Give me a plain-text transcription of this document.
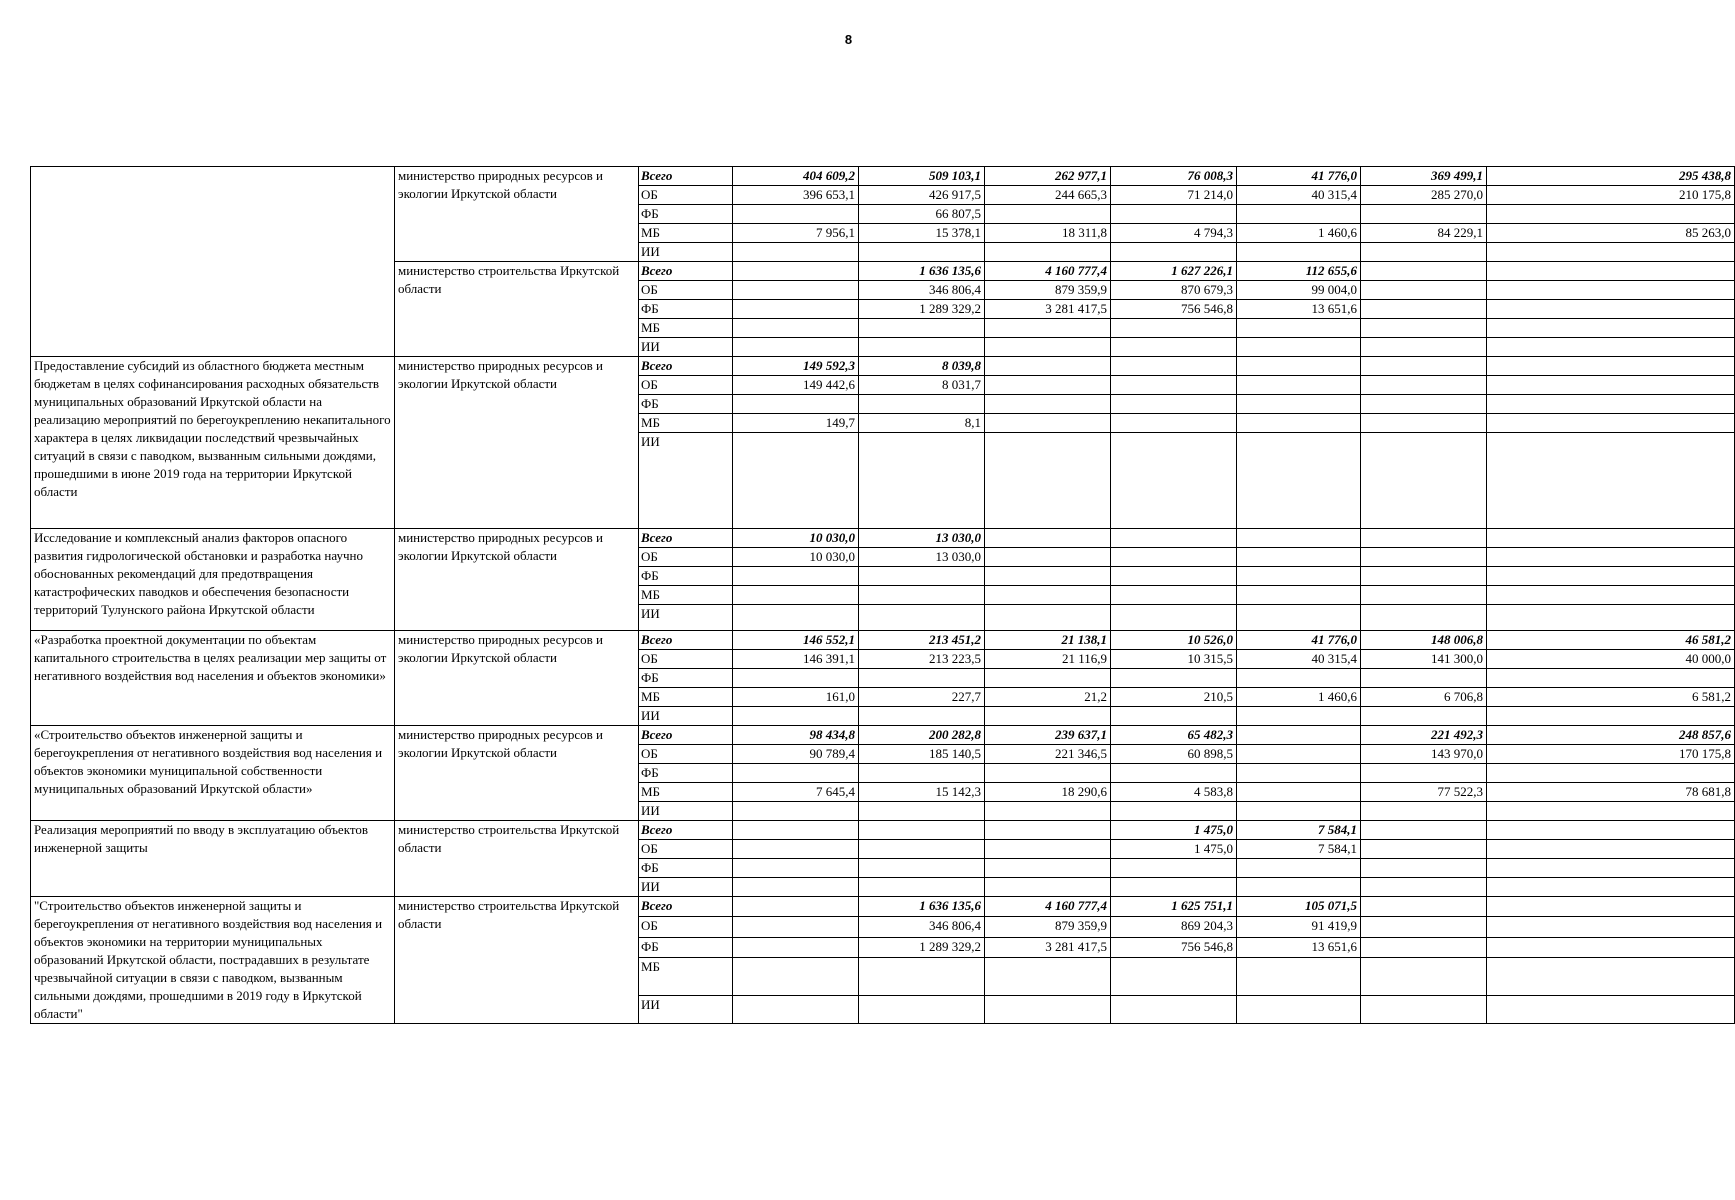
8
	министерство природных ресурсов и экологии Иркутской области	Всего	404 609,2	509 103,1	262 977,1	76 008,3	41 776,0	369 499,1	295 438,8
		ОБ	396 653,1	426 917,5	244 665,3	71 214,0	40 315,4	285 270,0	210 175,8
		ФБ		66 807,5					
		МБ	7 956,1	15 378,1	18 311,8	4 794,3	1 460,6	84 229,1	85 263,0
		ИИ							
	министерство строительства Иркутской области	Всего		1 636 135,6	4 160 777,4	1 627 226,1	112 655,6		
		ОБ		346 806,4	879 359,9	870 679,3	99 004,0		
		ФБ		1 289 329,2	3 281 417,5	756 546,8	13 651,6		
		МБ							
		ИИ							
Предоставление субсидий из областного бюджета местным бюджетам в целях софинансирования расходных обязательств муниципальных образований Иркутской области на реализацию мероприятий по берегоукреплению некапитального характера в целях ликвидации последствий чрезвычайных ситуаций в связи с паводком, вызванным сильными дождями, прошедшими в июне 2019 года на территории Иркутской области	министерство природных ресурсов и экологии Иркутской области	Всего	149 592,3	8 039,8					
		ОБ	149 442,6	8 031,7					
		ФБ							
		МБ	149,7	8,1					
		ИИ							
Исследование и комплексный анализ факторов опасного развития гидрологической обстановки и разработка научно обоснованных рекомендаций для предотвращения катастрофических паводков и обеспечения безопасности территорий Тулунского района Иркутской области	министерство природных ресурсов и экологии Иркутской области	Всего	10 030,0	13 030,0					
		ОБ	10 030,0	13 030,0					
		ФБ							
		МБ							
		ИИ							
«Разработка проектной документации по объектам капитального строительства в целях реализации мер защиты от негативного воздействия вод населения и объектов экономики»	министерство природных ресурсов и экологии Иркутской области	Всего	146 552,1	213 451,2	21 138,1	10 526,0	41 776,0	148 006,8	46 581,2
		ОБ	146 391,1	213 223,5	21 116,9	10 315,5	40 315,4	141 300,0	40 000,0
		ФБ							
		МБ	161,0	227,7	21,2	210,5	1 460,6	6 706,8	6 581,2
		ИИ							
«Строительство объектов инженерной защиты и берегоукрепления от негативного воздействия вод населения и объектов экономики муниципальной собственности муниципальных образований Иркутской области»	министерство природных ресурсов и экологии Иркутской области	Всего	98 434,8	200 282,8	239 637,1	65 482,3		221 492,3	248 857,6
		ОБ	90 789,4	185 140,5	221 346,5	60 898,5		143 970,0	170 175,8
		ФБ							
		МБ	7 645,4	15 142,3	18 290,6	4 583,8		77 522,3	78 681,8
		ИИ							
Реализация мероприятий по вводу в эксплуатацию объектов инженерной защиты	министерство строительства Иркутской области	Всего				1 475,0	7 584,1		
		ОБ				1 475,0	7 584,1		
		ФБ							
		ИИ							
"Строительство объектов инженерной защиты и берегоукрепления от негативного воздействия вод населения и объектов экономики на территории муниципальных образований Иркутской области, пострадавших в результате чрезвычайной ситуации в связи с паводком, вызванным сильными дождями, прошедшими в 2019 году в Иркутской области"	министерство строительства Иркутской области	Всего		1 636 135,6	4 160 777,4	1 625 751,1	105 071,5		
		ОБ		346 806,4	879 359,9	869 204,3	91 419,9		
		ФБ		1 289 329,2	3 281 417,5	756 546,8	13 651,6		
		МБ							
		ИИ							
